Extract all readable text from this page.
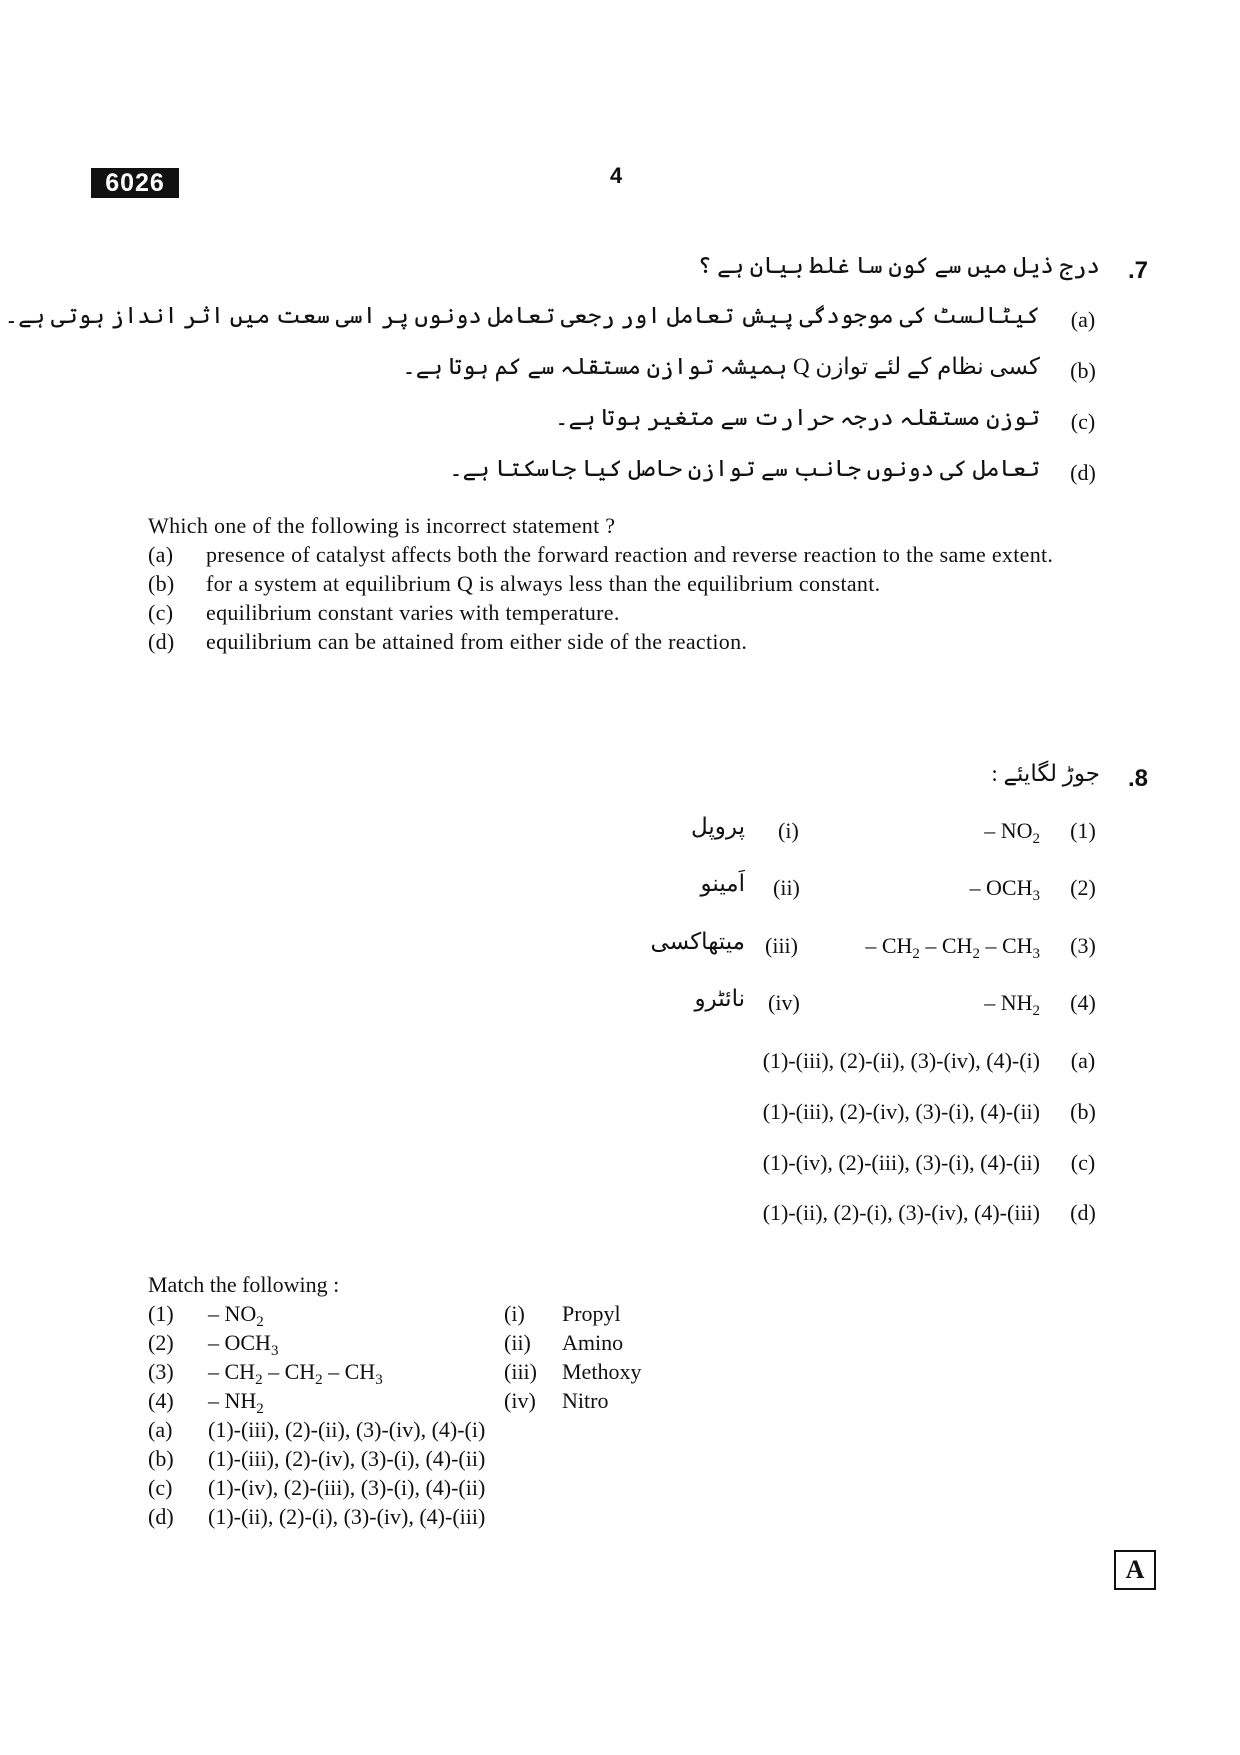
6026	4
.7
درج ذیل میں سے کون سا غلط بیان ہے ؟
(a)
کیٹالسٹ کی موجودگی پیش تعامل اور رجعی تعامل دونوں پر اسی سعت میں اثر انداز ہوتی ہے۔
(b)
کسی نظام کے لئے توازن Q ہمیشہ توازن مستقلہ سے کم ہوتا ہے۔
(c)
توزن مستقلہ درجہ حرارت سے متغیر ہوتا ہے۔
(d)
تعامل کی دونوں جانب سے توازن حاصل کیا جاسکتا ہے۔
Which one of the following is incorrect statement ?
(a)	presence of catalyst affects both the forward reaction and reverse reaction to the same extent.
(b)	for a system at equilibrium Q is always less than the equilibrium constant.
(c)	equilibrium constant varies with temperature.
(d)	equilibrium can be attained from either side of the reaction.
.8
جوڑ لگایئے :
(1)
– $NO_2$
(i)
پروپل
(2)
– $OCH_3$
(ii)
اَمینو
(3)
– $CH_2 - CH_2 - CH_3$
(iii)
میتھاکسی
(4)
– $NH_2$
(iv)
نائٹرو
(a)
(1)-(iii), (2)-(ii), (3)-(iv), (4)-(i)
(b)
(1)-(iii), (2)-(iv), (3)-(i), (4)-(ii)
(c)
(1)-(iv), (2)-(iii), (3)-(i), (4)-(ii)
(d)
(1)-(ii), (2)-(i), (3)-(iv), (4)-(iii)
Match the following :
$(1) - NO_2$	(i) Propyl
$(2) - OCH_3$	(ii) Amino
$(3) - CH_2 - CH_2 - CH_3$	(iii) Methoxy
$(4) - NH_2$	(iv) Nitro
(a) (1)-(iii), (2)-(ii), (3)-(iv), (4)-(i)
(b) (1)-(iii), (2)-(iv), (3)-(i), (4)-(ii)
(c) (1)-(iv), (2)-(iii), (3)-(i), (4)-(ii)
(d) (1)-(ii), (2)-(i), (3)-(iv), (4)-(iii)
A
